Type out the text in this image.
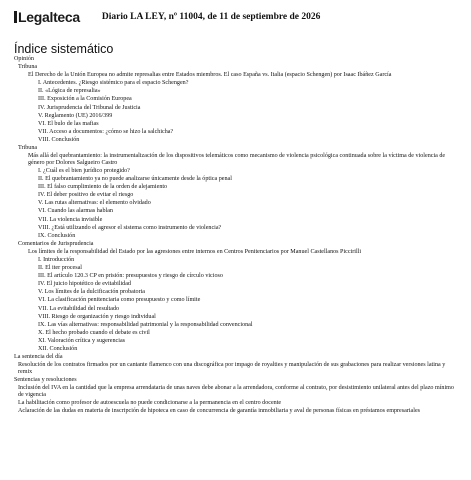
Legalteca Diario LA LEY, nº 11004, de 11 de septiembre de 2026
Índice sistemático
Opinión
Tribuna
El Derecho de la Unión Europea no admite represalias entre Estados miembros. El caso España vs. Italia (espacio Schengen) por Isaac Ibáñez García
I. Antecedentes. ¿Riesgo sistémico para el espacio Schengen?
II. «Lógica de represalia»
III. Exposición a la Comisión Europea
IV. Jurisprudencia del Tribunal de Justicia
V. Reglamento (UE) 2016/399
VI. El bulo de las mafias
VII. Acceso a documentos: ¿cómo se hizo la salchicha?
VIII. Conclusión
Tribuna
Más allá del quebrantamiento: la instrumentalización de los dispositivos telemáticos como mecanismo de violencia psicológica continuada sobre la víctima de violencia de género por Dolores Salgueiro Castro
I. ¿Cuál es el bien jurídico protegido?
II. El quebrantamiento ya no puede analizarse únicamente desde la óptica penal
III. El falso cumplimiento de la orden de alejamiento
IV. El deber positivo de evitar el riesgo
V. Las rutas alternativas: el elemento olvidado
VI. Cuando las alarmas hablan
VII. La violencia invisible
VIII. ¿Está utilizando el agresor el sistema como instrumento de violencia?
IX. Conclusión
Comentarios de Jurisprudencia
Los límites de la responsabilidad del Estado por las agresiones entre internos en Centros Penitenciarios por Manuel Castellanos Piccirilli
I. Introducción
II. El iter procesal
III. El artículo 120.3 CP en prisión: presupuestos y riesgo de círculo vicioso
IV. El juicio hipotético de evitabilidad
V. Los límites de la dulcificación probatoria
VI. La clasificación penitenciaria como presupuesto y como límite
VII. La evitabilidad del resultado
VIII. Riesgo de organización y riesgo individual
IX. Las vías alternativas: responsabilidad patrimonial y la responsabilidad convencional
X. El hecho probado cuando el debate es civil
XI. Valoración crítica y sugerencias
XII. Conclusión
La sentencia del día
Resolución de los contratos firmados por un cantante flamenco con una discográfica por impago de royalties y manipulación de sus grabaciones para realizar versiones latina y remix
Sentencias y resoluciones
Inclusión del IVA en la cantidad que la empresa arrendataria de unas naves debe abonar a la arrendadora, conforme al contrato, por desistimiento unilateral antes del plazo mínimo de vigencia
La habilitación como profesor de autoescuela no puede condicionarse a la permanencia en el centro docente
Aclaración de las dudas en materia de inscripción de hipoteca en caso de concurrencia de garantía inmobiliaria y aval de personas físicas en préstamos empresariales
